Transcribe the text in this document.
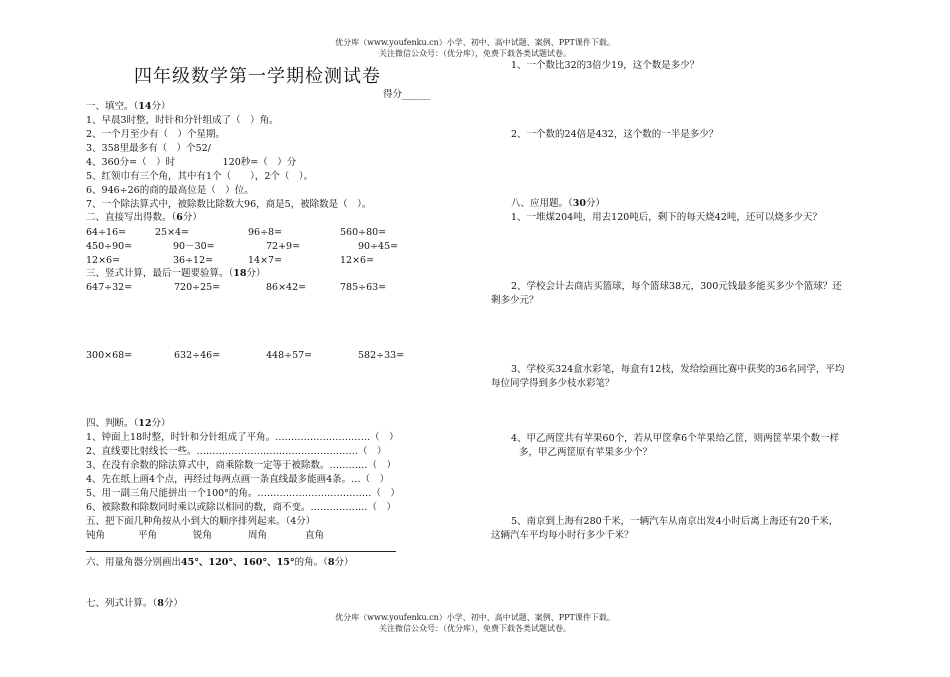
优分库（www.youfenku.cn）小学、初中、高中试题、案例、PPT课件下载。
关注微信公众号：（优分库），免费下载各类试题试卷。
四年级数学第一学期检测试卷
得分______
一、填空。（14分）
1、早晨3时整，时针和分针组成了（　）角。
2、一个月至少有（　）个星期。
3、358里最多有（　）个52/
4、360分=（　）时　　　　　120秒=（　）分
5、红领巾有三个角，其中有1个（　　），2个（　）。
6、946÷26的商的最高位是（　）位。
7、一个除法算式中，被除数比除数大96，商是5，被除数是（　）。
二、直接写出得数。（6分）
64÷16=	25×4=	96÷8=	560÷80=
450÷90=	90－30=	72+9=	90÷45=
12×6=	36÷12=	14×7=	12×6=
三、竖式计算，最后一题要验算。（18分）
647÷32=	720÷25=	86×42=	785÷63=
300×68=	632÷46=	448÷57=	582÷33=
四、判断。（12分）
1、钟面上18时整，时针和分针组成了平角。…………………………（　）
2、直线要比射线长一些。……………………………………………（　）
3、在没有余数的除法算式中，商乘除数一定等于被除数。…………（　）
4、先在纸上画4个点，再经过每两点画一条直线最多能画4条。…（　）
5、用一副三角尺能拼出一个100°的角。………………………………（　）
6、被除数和除数同时乘以或除以相同的数，商不变。………………（　）
五、把下面几种角按从小到大的顺序排列起来。（4分）
钝角	平角	锐角	周角	直角
六、用量角器分别画出45°、120°、160°、15°的角。（8分）
七、列式计算。（8分）
1、一个数比32的3倍少19，这个数是多少？
2、一个数的24倍是432，这个数的一半是多少？
八、应用题。（30分）
1、一堆煤204吨，用去120吨后，剩下的每天烧42吨，还可以烧多少天？
2、学校会计去商店买篮球，每个篮球38元，300元钱最多能买多少个篮球？还
剩多少元？
3、学校买324盒水彩笔，每盒有12枝，发给绘画比赛中获奖的36名同学，平均
每位同学得到多少枝水彩笔？
4、甲乙两筐共有苹果60个，若从甲筐拿6个苹果给乙筐，则两筐苹果个数一样
多，甲乙两筐原有苹果多少个？
5、南京到上海有280千米，一辆汽车从南京出发4小时后离上海还有20千米，
这辆汽车平均每小时行多少千米？
优分库（www.youfenku.cn）小学、初中、高中试题、案例、PPT课件下载。
关注微信公众号：（优分库），免费下载各类试题试卷。
